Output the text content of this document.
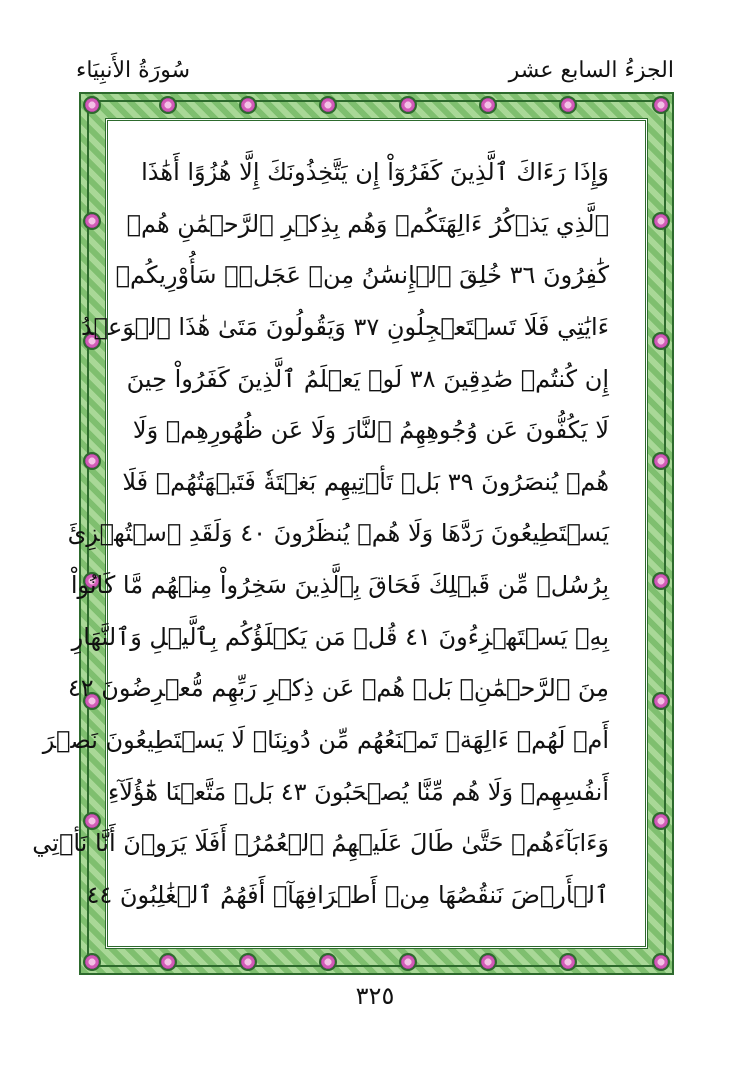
الجزءُ السابع عشر
سُورَةُ الأَنبِيَاء
وَإِذَا رَءَاكَ ٱلَّذِينَ كَفَرُوٓاْ إِن يَتَّخِذُونَكَ إِلَّا هُزُوًا أَهَٰذَا
ٱلَّذِي يَذۡكُرُ ءَالِهَتَكُمۡ وَهُم بِذِكۡرِ ٱلرَّحۡمَٰنِ هُمۡ
كَٰفِرُونَ ٣٦ خُلِقَ ٱلۡإِنسَٰنُ مِنۡ عَجَلٖۚ سَأُوْرِيكُمۡ
ءَايَٰتِي فَلَا تَسۡتَعۡجِلُونِ ٣٧ وَيَقُولُونَ مَتَىٰ هَٰذَا ٱلۡوَعۡدُ
إِن كُنتُمۡ صَٰدِقِينَ ٣٨ لَوۡ يَعۡلَمُ ٱلَّذِينَ كَفَرُواْ حِينَ
لَا يَكُفُّونَ عَن وُجُوهِهِمُ ٱلنَّارَ وَلَا عَن ظُهُورِهِمۡ وَلَا
هُمۡ يُنصَرُونَ ٣٩ بَلۡ تَأۡتِيهِم بَغۡتَةٗ فَتَبۡهَتُهُمۡ فَلَا
يَسۡتَطِيعُونَ رَدَّهَا وَلَا هُمۡ يُنظَرُونَ ٤٠ وَلَقَدِ ٱسۡتُهۡزِئَ
بِرُسُلٖ مِّن قَبۡلِكَ فَحَاقَ بِٱلَّذِينَ سَخِرُواْ مِنۡهُم مَّا كَانُواْ
بِهِۦ يَسۡتَهۡزِءُونَ ٤١ قُلۡ مَن يَكۡلَؤُكُم بِٱلَّيۡلِ وَٱلنَّهَارِ
مِنَ ٱلرَّحۡمَٰنِۗ بَلۡ هُمۡ عَن ذِكۡرِ رَبِّهِم مُّعۡرِضُونَ ٤٢
أَمۡ لَهُمۡ ءَالِهَةٞ تَمۡنَعُهُم مِّن دُونِنَاۚ لَا يَسۡتَطِيعُونَ نَصۡرَ
أَنفُسِهِمۡ وَلَا هُم مِّنَّا يُصۡحَبُونَ ٤٣ بَلۡ مَتَّعۡنَا هَٰٓؤُلَآءِ
وَءَابَآءَهُمۡ حَتَّىٰ طَالَ عَلَيۡهِمُ ٱلۡعُمُرُۗ أَفَلَا يَرَوۡنَ أَنَّا نَأۡتِي
ٱلۡأَرۡضَ نَنقُصُهَا مِنۡ أَطۡرَافِهَآۚ أَفَهُمُ ٱلۡغَٰلِبُونَ ٤٤
٣٢٥
